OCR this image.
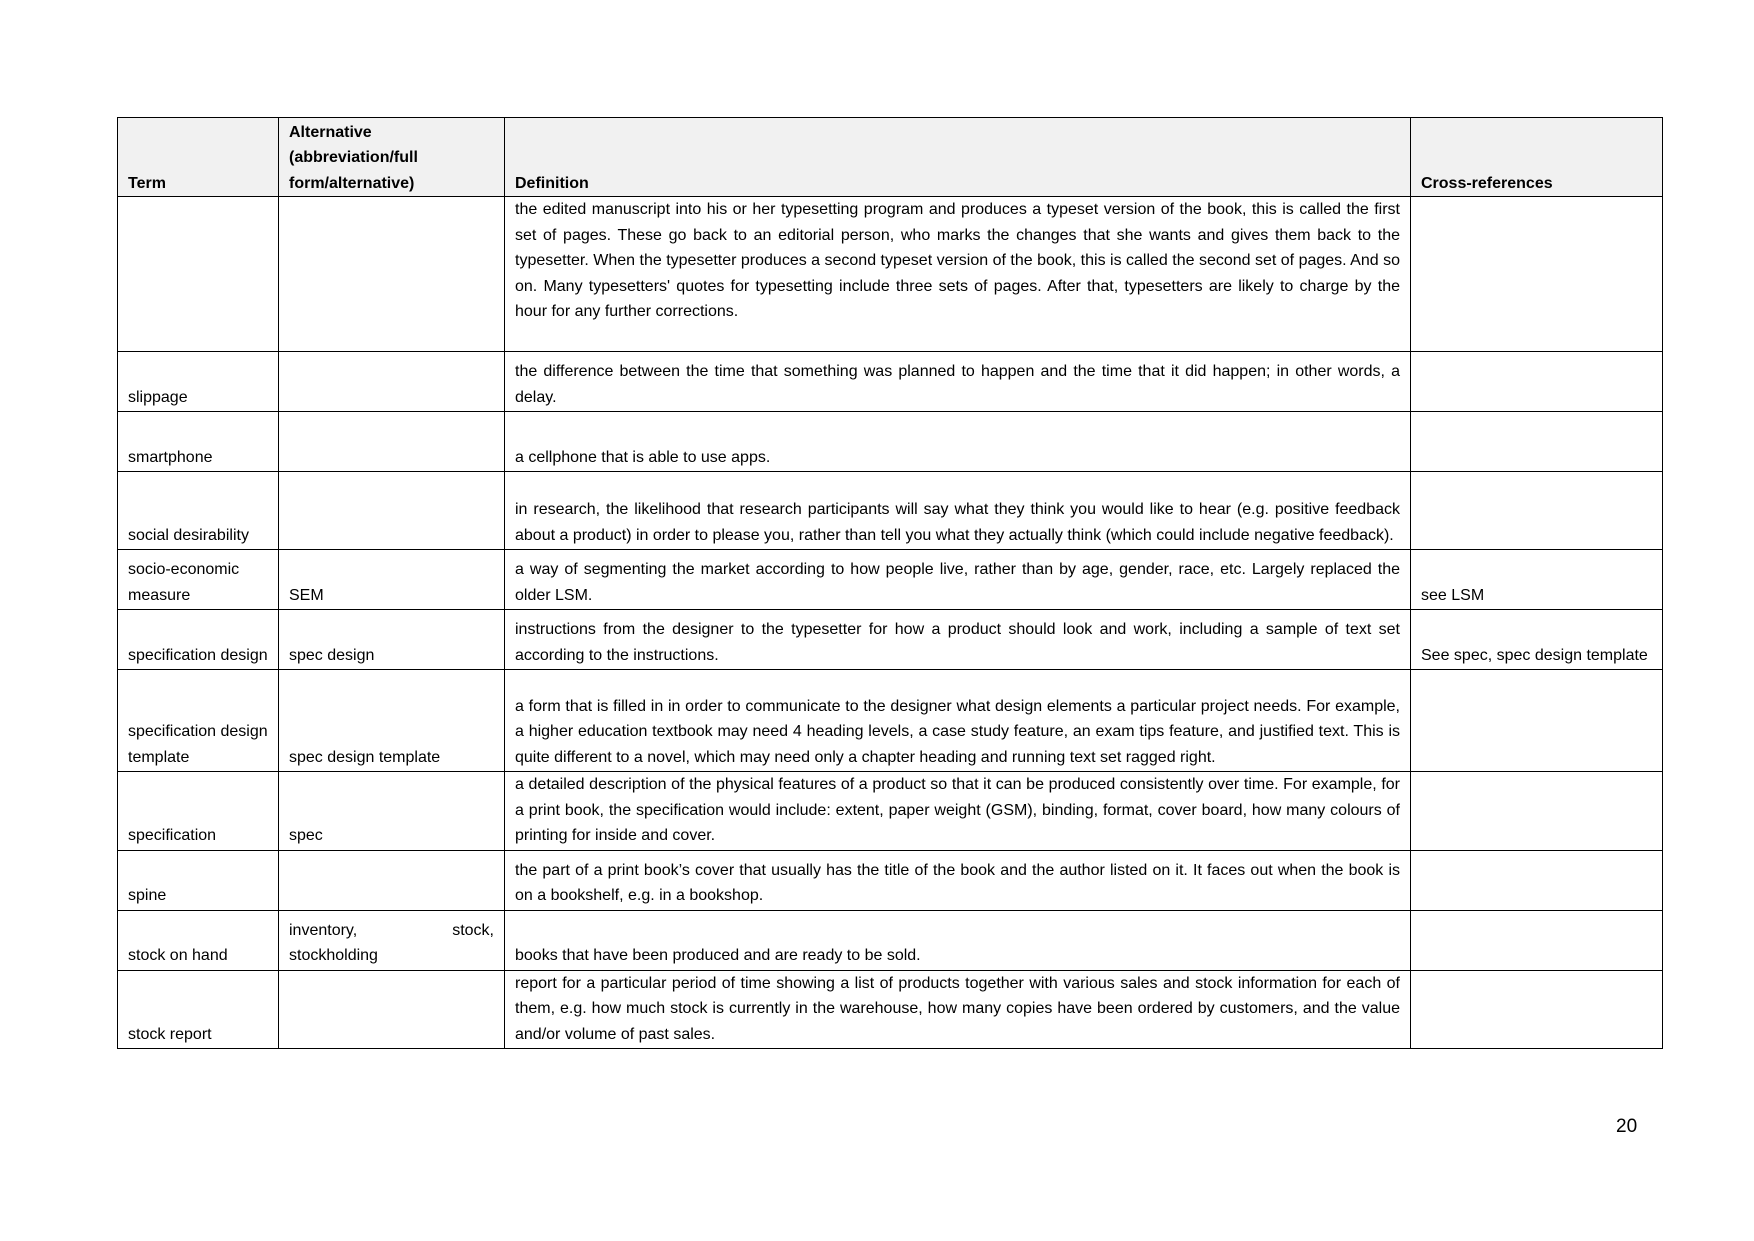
Term	Alternative (abbreviation/full form/alternative)	Definition	Cross-references
		the edited manuscript into his or her typesetting program and produces a typeset version of the book, this is called the first set of pages. These go back to an editorial person, who marks the changes that she wants and gives them back to the typesetter. When the typesetter produces a second typeset version of the book, this is called the second set of pages. And so on. Many typesetters' quotes for typesetting include three sets of pages. After that, typesetters are likely to charge by the hour for any further corrections.	
slippage		the difference between the time that something was planned to happen and the time that it did happen; in other words, a delay.	
smartphone		a cellphone that is able to use apps.	
social desirability		in research, the likelihood that research participants will say what they think you would like to hear (e.g. positive feedback about a product) in order to please you, rather than tell you what they actually think (which could include negative feedback).	
socio-economic measure	SEM	a way of segmenting the market according to how people live, rather than by age, gender, race, etc. Largely replaced the older LSM.	see LSM
specification design	spec design	instructions from the designer to the typesetter for how a product should look and work, including a sample of text set according to the instructions.	See spec, spec design template
specification design template	spec design template	a form that is filled in in order to communicate to the designer what design elements a particular project needs. For example, a higher education textbook may need 4 heading levels, a case study feature, an exam tips feature, and justified text. This is quite different to a novel, which may need only a chapter heading and running text set ragged right.	
specification	spec	a detailed description of the physical features of a product so that it can be produced consistently over time. For example, for a print book, the specification would include: extent, paper weight (GSM), binding, format, cover board, how many colours of printing for inside and cover.	
spine		the part of a print book’s cover that usually has the title of the book and the author listed on it. It faces out when the book is on a bookshelf, e.g. in a bookshop.	
stock on hand	inventory, stock, stockholding	books that have been produced and are ready to be sold.	
stock report		report for a particular period of time showing a list of products together with various sales and stock information for each of them, e.g. how much stock is currently in the warehouse, how many copies have been ordered by customers, and the value and/or volume of past sales.	
20
